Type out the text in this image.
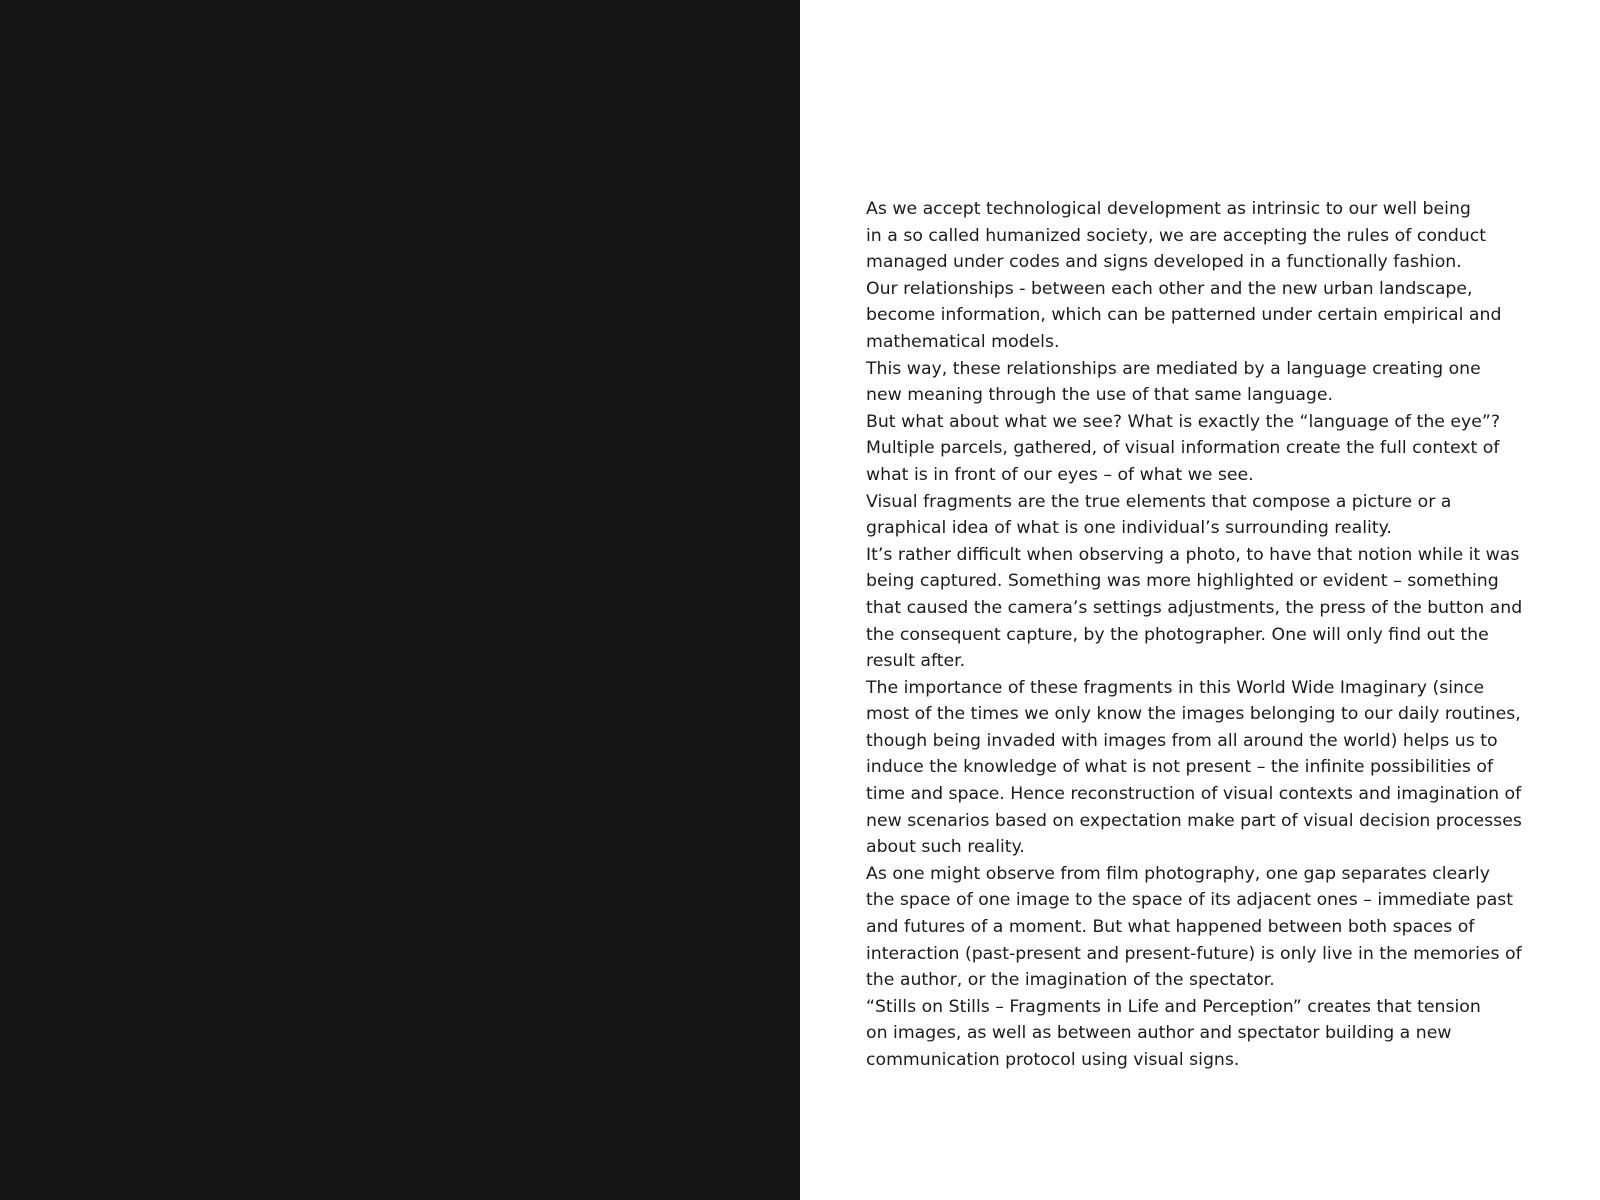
As we accept technological development as intrinsic to our well being
in a so called humanized society, we are accepting the rules of conduct
managed under codes and signs developed in a functionally fashion.
Our relationships - between each other and the new urban landscape,
become information, which can be patterned under certain empirical and
mathematical models.
This way, these relationships are mediated by a language creating one
new meaning through the use of that same language.
But what about what we see? What is exactly the “language of the eye”?
Multiple parcels, gathered, of visual information create the full context of
what is in front of our eyes – of what we see.
Visual fragments are the true elements that compose a picture or a
graphical idea of what is one individual’s surrounding reality.
It’s rather difficult when observing a photo, to have that notion while it was
being captured. Something was more highlighted or evident – something
that caused the camera’s settings adjustments, the press of the button and
the consequent capture, by the photographer. One will only find out the
result after.
The importance of these fragments in this World Wide Imaginary (since
most of the times we only know the images belonging to our daily routines,
though being invaded with images from all around the world) helps us to
induce the knowledge of what is not present – the infinite possibilities of
time and space. Hence reconstruction of visual contexts and imagination of
new scenarios based on expectation make part of visual decision processes
about such reality.
As one might observe from film photography, one gap separates clearly
the space of one image to the space of its adjacent ones – immediate past
and futures of a moment. But what happened between both spaces of
interaction (past-present and present-future) is only live in the memories of
the author, or the imagination of the spectator.
“Stills on Stills – Fragments in Life and Perception” creates that tension
on images, as well as between author and spectator building a new
communication protocol using visual signs.
